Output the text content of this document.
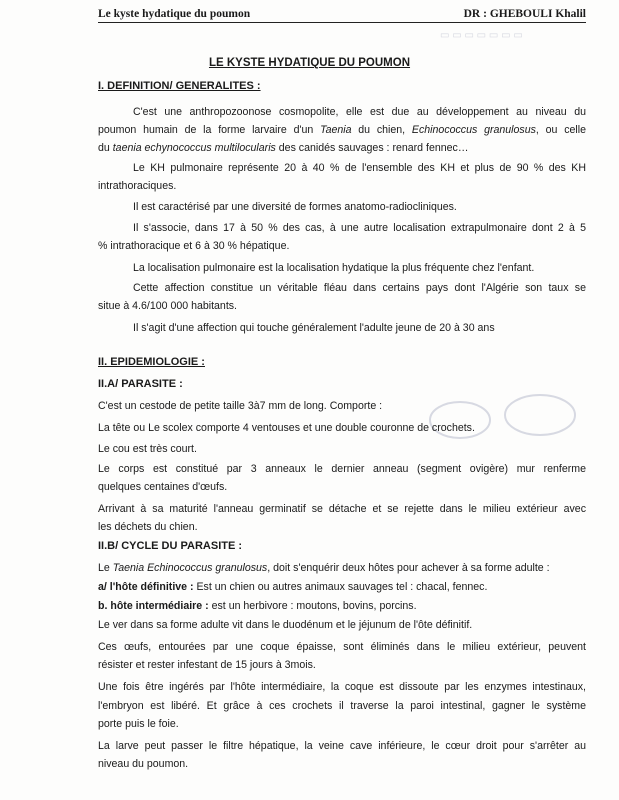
▭ ▭ ▭ ▭ ▭ ▭ ▭
Le kyste hydatique du poumon	DR : GHEBOULI Khalil
LE KYSTE HYDATIQUE DU POUMON
I. DEFINITION/ GENERALITES :
C'est une anthropozoonose cosmopolite, elle est due au développement au niveau du
poumon humain de la forme larvaire d'un Taenia du chien, Echinococcus granulosus, ou celle
du taenia echynococcus multilocularis des canidés sauvages : renard fennec…
Le KH pulmonaire représente 20 à 40 % de l'ensemble des KH et plus de 90 % des KH
intrathoraciques.
Il est caractérisé par une diversité de formes anatomo-radiocliniques.
Il s'associe, dans 17 à 50 % des cas, à une autre localisation extrapulmonaire dont 2 à 5
% intrathoracique et 6 à 30 % hépatique.
La localisation pulmonaire est la localisation hydatique la plus fréquente chez l'enfant.
Cette affection constitue un véritable fléau dans certains pays dont l'Algérie son taux se
situe à 4.6/100 000 habitants.
Il s'agit d'une affection qui touche généralement l'adulte jeune de 20 à 30 ans
II. EPIDEMIOLOGIE :
II.A/ PARASITE :
C'est un cestode de petite taille 3à7 mm de long. Comporte :
La tête ou Le scolex comporte 4 ventouses et une double couronne de crochets.
Le cou est très court.
Le corps est constitué par 3 anneaux le dernier anneau (segment ovigère) mur renferme
quelques centaines d'œufs.
Arrivant à sa maturité l'anneau germinatif se détache et se rejette dans le milieu extérieur avec
les déchets du chien.
II.B/ CYCLE DU PARASITE :
Le Taenia Echinococcus granulosus, doit s'enquérir deux hôtes pour achever à sa forme adulte :
a/ l'hôte définitive : Est un chien ou autres animaux sauvages tel : chacal, fennec.
b. hôte intermédiaire : est un herbivore : moutons, bovins, porcins.
Le ver dans sa forme adulte vit dans le duodénum et le jéjunum de l'ôte définitif.
Ces œufs, entourées par une coque épaisse, sont éliminés dans le milieu extérieur, peuvent
résister et rester infestant de 15 jours à 3mois.
Une fois être ingérés par l'hôte intermédiaire, la coque est dissoute par les enzymes intestinaux,
l'embryon est libéré. Et grâce à ces crochets il traverse la paroi intestinal, gagner le système
porte puis le foie.
La larve peut passer le filtre hépatique, la veine cave inférieure, le cœur droit pour s'arrêter au
niveau du poumon.
